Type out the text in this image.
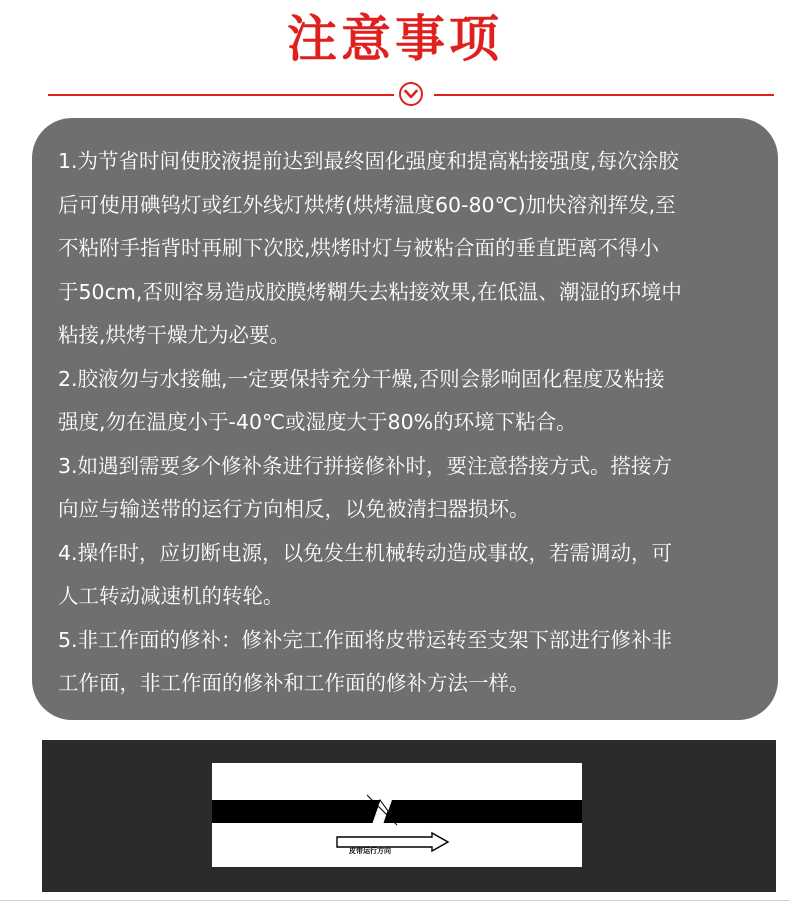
注意事项

1.为节省时间使胶液提前达到最终固化强度和提高粘接强度,每次涂胶

后可使用碘钨灯或红外线灯烘烤(烘烤温度60-80℃)加快溶剂挥发,至

不粘附手指背时再刷下次胶,烘烤时灯与被粘合面的垂直距离不得小

于50cm,否则容易造成胶膜烤糊失去粘接效果,在低温、潮湿的环境中

粘接,烘烤干燥尤为必要。

2.胶液勿与水接触,一定要保持充分干燥,否则会影响固化程度及粘接

强度,勿在温度小于-40℃或湿度大于80%的环境下粘合。

3.如遇到需要多个修补条进行拼接修补时，要注意搭接方式。搭接方

向应与输送带的运行方向相反，以免被清扫器损坏。

4.操作时，应切断电源，以免发生机械转动造成事故，若需调动，可

人工转动减速机的转轮。

5.非工作面的修补：修补完工作面将皮带运转至支架下部进行修补非

工作面，非工作面的修补和工作面的修补方法一样。

皮带运行方向
